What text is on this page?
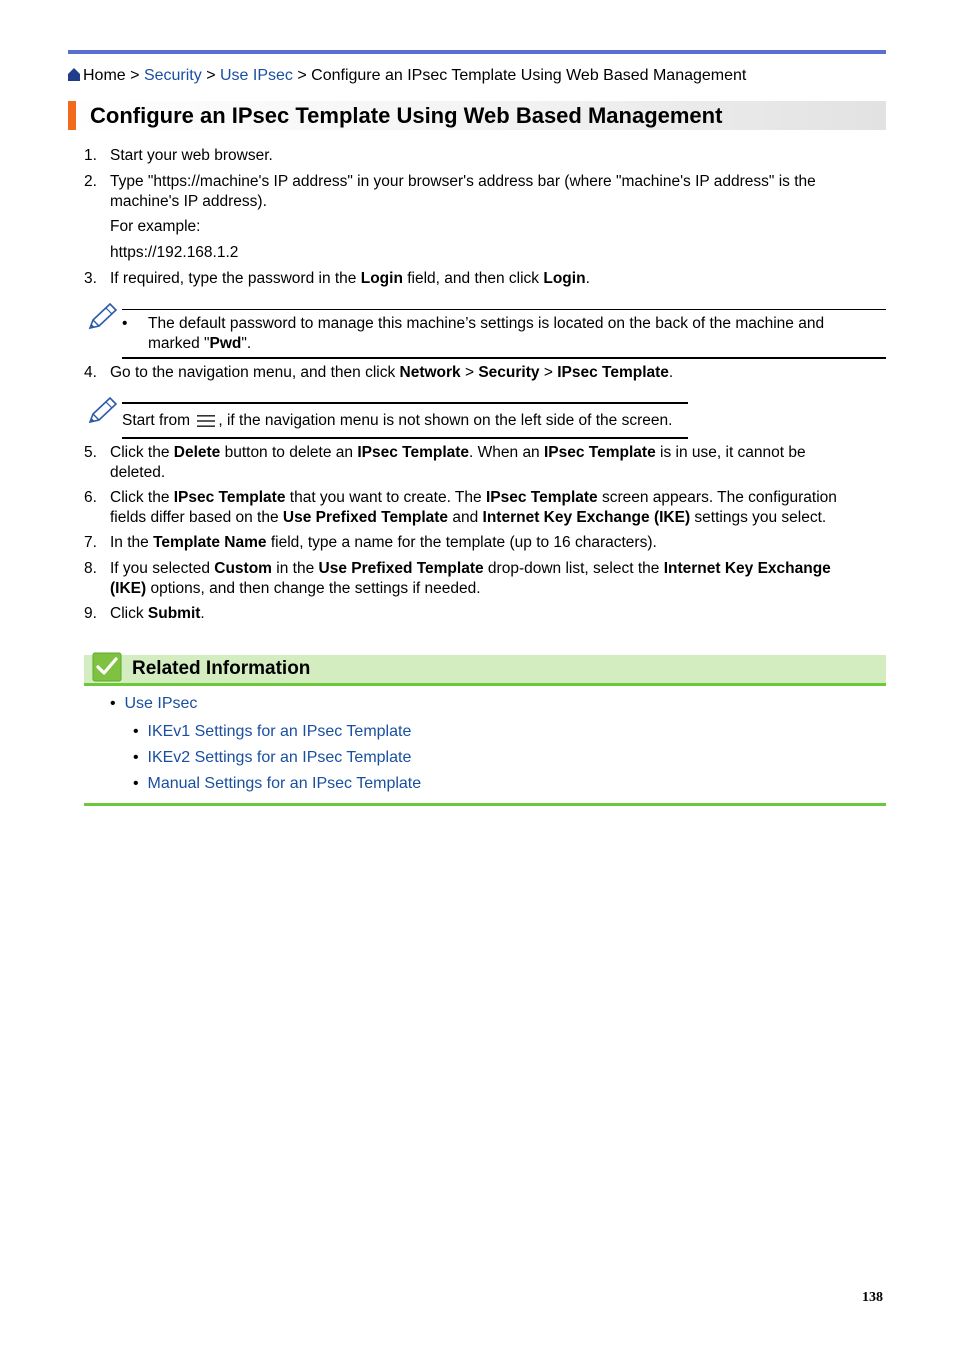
Home > Security > Use IPsec > Configure an IPsec Template Using Web Based Management
Configure an IPsec Template Using Web Based Management
1. Start your web browser.
2. Type "https://machine's IP address" in your browser's address bar (where "machine's IP address" is the machine's IP address).
For example:
https://192.168.1.2
3. If required, type the password in the Login field, and then click Login.
• The default password to manage this machine’s settings is located on the back of the machine and marked "Pwd".
4. Go to the navigation menu, and then click Network > Security > IPsec Template.
Start from , if the navigation menu is not shown on the left side of the screen.
5. Click the Delete button to delete an IPsec Template. When an IPsec Template is in use, it cannot be deleted.
6. Click the IPsec Template that you want to create. The IPsec Template screen appears. The configuration fields differ based on the Use Prefixed Template and Internet Key Exchange (IKE) settings you select.
7. In the Template Name field, type a name for the template (up to 16 characters).
8. If you selected Custom in the Use Prefixed Template drop-down list, select the Internet Key Exchange (IKE) options, and then change the settings if needed.
9. Click Submit.
Related Information
• Use IPsec
• IKEv1 Settings for an IPsec Template
• IKEv2 Settings for an IPsec Template
• Manual Settings for an IPsec Template
138
